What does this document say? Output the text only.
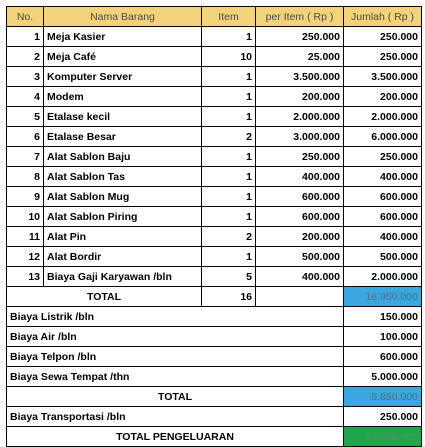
No.	Nama Barang	Item	per Item ( Rp )	Jumlah ( Rp )
1	Meja Kasier	1	250.000	250.000
2	Meja Café	10	25.000	250.000
3	Komputer Server	1	3.500.000	3.500.000
4	Modem	1	200.000	200.000
5	Etalase kecil	1	2.000.000	2.000.000
6	Etalase Besar	2	3.000.000	6.000.000
7	Alat Sablon Baju	1	250.000	250.000
8	Alat Sablon Tas	1	400.000	400.000
9	Alat Sablon Mug	1	600.000	600.000
10	Alat Sablon Piring	1	600.000	600.000
11	Alat Pin	2	200.000	400.000
12	Alat Bordir	1	500.000	500.000
13	Biaya Gaji Karyawan /bln	5	400.000	2.000.000
TOTAL		16		16.950.000
Biaya Listrik /bln				150.000
Biaya Air /bln				100.000
Biaya Telpon /bln				600.000
Biaya Sewa Tempat /thn				5.000.000
TOTAL				5.850.000
Biaya Transportasi /bln				250.000
TOTAL PENGELUARAN				23.050.000
